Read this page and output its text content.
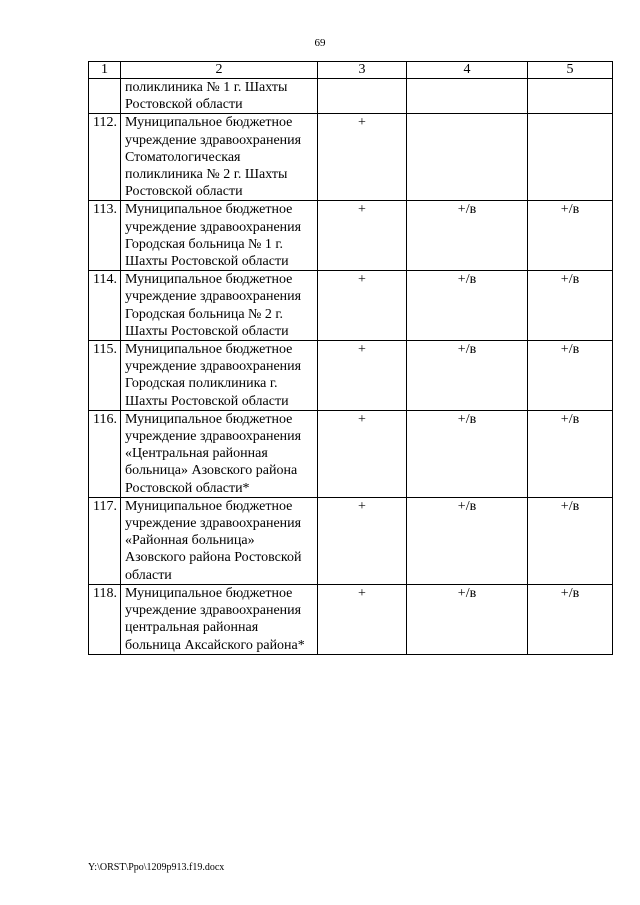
69
1	2	3	4	5
	поликлиника № 1 г. Шахты Ростовской области			
112.	Муниципальное бюджетное учреждение здравоохранения Стоматологическая поликлиника № 2 г. Шахты Ростовской области	+		
113.	Муниципальное бюджетное учреждение здравоохранения Городская больница № 1 г. Шахты Ростовской области	+	+/в	+/в
114.	Муниципальное бюджетное учреждение здравоохранения Городская больница № 2 г. Шахты Ростовской области	+	+/в	+/в
115.	Муниципальное бюджетное учреждение здравоохранения Городская поликлиника г. Шахты Ростовской области	+	+/в	+/в
116.	Муниципальное бюджетное учреждение здравоохранения «Центральная районная больница» Азовского района Ростовской области*	+	+/в	+/в
117.	Муниципальное бюджетное учреждение здравоохранения «Районная больница» Азовского района Ростовской области	+	+/в	+/в
118.	Муниципальное бюджетное учреждение здравоохранения центральная районная больница Аксайского района*	+	+/в	+/в
Y:\ORST\Ppo\1209p913.f19.docx
